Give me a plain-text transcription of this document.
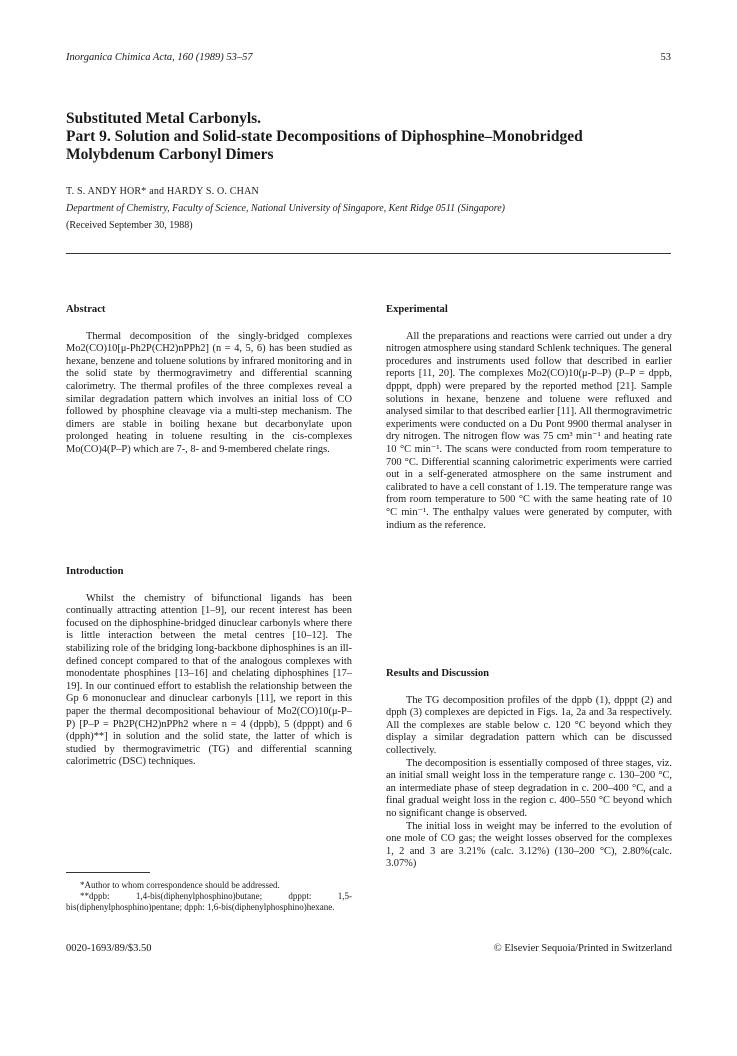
Inorganica Chimica Acta, 160 (1989) 53–57	53
Substituted Metal Carbonyls.
Part 9. Solution and Solid-state Decompositions of Diphosphine–Monobridged
Molybdenum Carbonyl Dimers
T. S. ANDY HOR* and HARDY S. O. CHAN
Department of Chemistry, Faculty of Science, National University of Singapore, Kent Ridge 0511 (Singapore)
(Received September 30, 1988)

Abstract

Thermal decomposition of the singly-bridged complexes Mo2(CO)10[μ-Ph2P(CH2)nPPh2] (n = 4, 5, 6) has been studied as hexane, benzene and toluene solutions by infrared monitoring and in the solid state by thermogravimetry and differential scanning calorimetry. The thermal profiles of the three complexes reveal a similar degradation pattern which involves an initial loss of CO followed by phosphine cleavage via a multi-step mechanism. The dimers are stable in boiling hexane but decarbonylate upon prolonged heating in toluene resulting in the cis-complexes Mo(CO)4(P–P) which are 7-, 8- and 9-membered chelate rings.

Introduction

Whilst the chemistry of bifunctional ligands has been continually attracting attention [1–9], our recent interest has been focused on the diphosphine-bridged dinuclear carbonyls where there is little interaction between the metal centres [10–12]. The stabilizing role of the bridging long-backbone diphosphines is an ill-defined concept compared to that of the analogous complexes with monodentate phosphines [13–16] and chelating diphosphines [17–19]. In our continued effort to establish the relationship between the Gp 6 mononuclear and dinuclear carbonyls [11], we report in this paper the thermal decompositional behaviour of Mo2(CO)10(μ-P–P) [P–P = Ph2P(CH2)nPPh2 where n = 4 (dppb), 5 (dpppt) and 6 (dpph)**] in solution and the solid state, the latter of which is studied by thermogravimetric (TG) and differential scanning calorimetric (DSC) techniques.

*Author to whom correspondence should be addressed.

**dppb: 1,4-bis(diphenylphosphino)butane; dpppt: 1,5-bis(diphenylphosphino)pentane; dpph: 1,6-bis(diphenylphosphino)hexane.

Experimental

All the preparations and reactions were carried out under a dry nitrogen atmosphere using standard Schlenk techniques. The general procedures and instruments used follow that described in earlier reports [11, 20]. The complexes Mo2(CO)10(μ-P–P) (P–P = dppb, dpppt, dpph) were prepared by the reported method [21]. Sample solutions in hexane, benzene and toluene were refluxed and analysed similar to that described earlier [11]. All thermogravimetric experiments were conducted on a Du Pont 9900 thermal analyser in dry nitrogen. The nitrogen flow was 75 cm³ min⁻¹ and heating rate 10 °C min⁻¹. The scans were conducted from room temperature to 700 °C. Differential scanning calorimetric experiments were carried out in a self-generated atmosphere on the same instrument and calibrated to have a cell constant of 1.19. The temperature range was from room temperature to 500 °C with the same heating rate of 10 °C min⁻¹. The enthalpy values were generated by computer, with indium as the reference.

Results and Discussion

The TG decomposition profiles of the dppb (1), dpppt (2) and dpph (3) complexes are depicted in Figs. 1a, 2a and 3a respectively. All the complexes are stable below c. 120 °C beyond which they display a similar degradation pattern which can be discussed collectively.

The decomposition is essentially composed of three stages, viz. an initial small weight loss in the temperature range c. 130–200 °C, an intermediate phase of steep degradation in c. 200–400 °C, and a final gradual weight loss in the region c. 400–550 °C beyond which no significant change is observed.

The initial loss in weight may be inferred to the evolution of one mole of CO gas; the weight losses observed for the complexes 1, 2 and 3 are 3.21% (calc. 3.12%) (130–200 °C), 2.80%(calc. 3.07%)

0020-1693/89/$3.50	© Elsevier Sequoia/Printed in Switzerland
